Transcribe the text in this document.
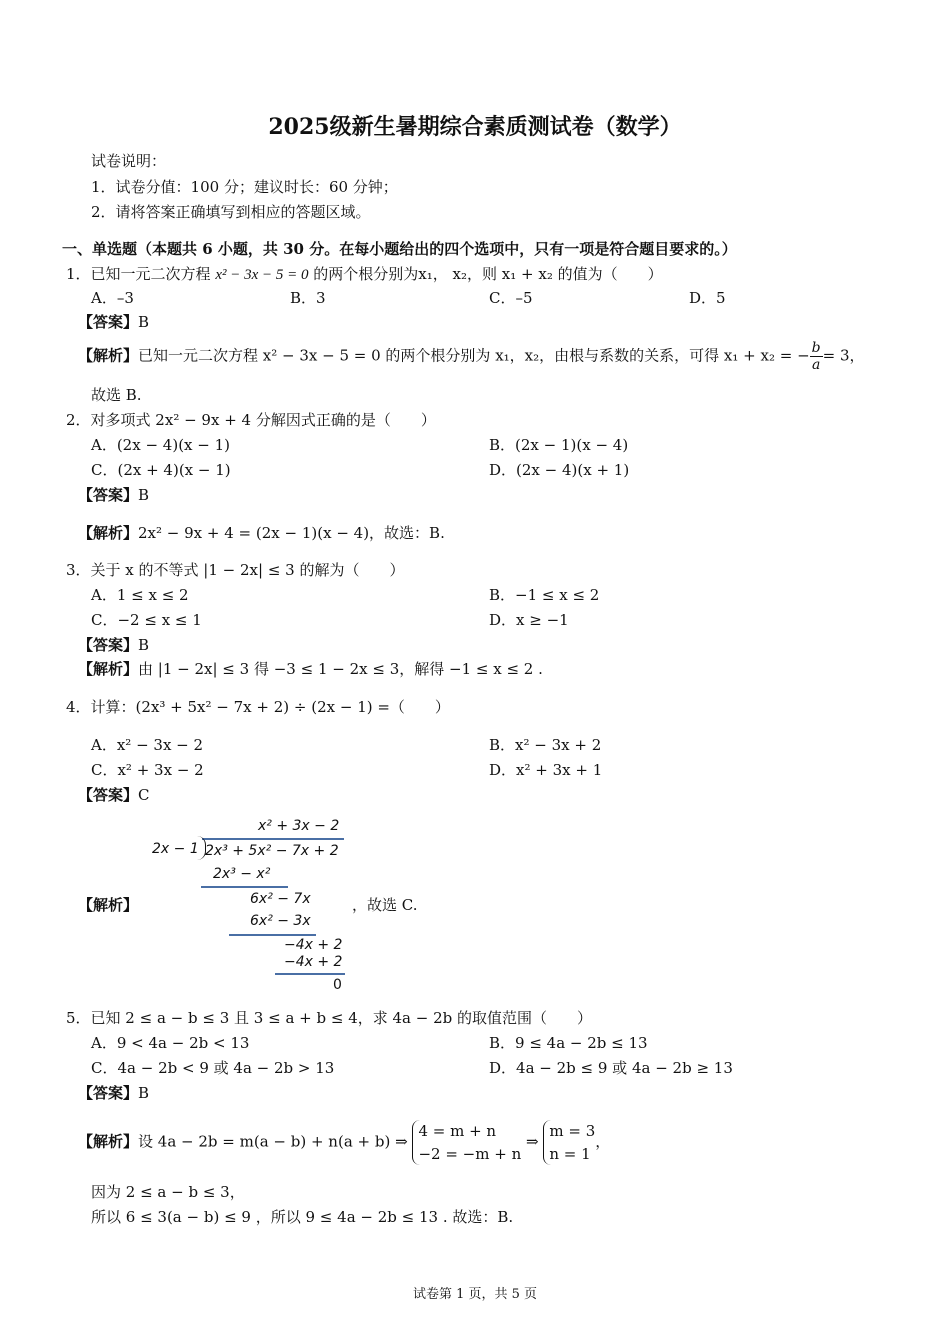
2025级新生暑期综合素质测试卷（数学）
试卷说明：
1．试卷分值：100 分；建议时长：60 分钟；
2．请将答案正确填写到相应的答题区域。
一、单选题（本题共 6 小题，共 30 分。在每小题给出的四个选项中，只有一项是符合题目要求的。）
1．已知一元二次方程 x² − 3x − 5 = 0 的两个根分别为x₁， x₂，则 x₁ + x₂ 的值为（　　）
A．–3	B．3	C．–5	D．5
【答案】B
【解析】已知一元二次方程 x² − 3x − 5 = 0 的两个根分别为 x₁，x₂，由根与系数的关系，可得 x₁ + x₂ = − $\frac{b}{a} = 3$，
故选 B.
2．对多项式 2x² − 9x + 4 分解因式正确的是（　　）
A．(2x − 4)(x − 1)	B．(2x − 1)(x − 4)
C．(2x + 4)(x − 1)	D．(2x − 4)(x + 1)
【答案】B
【解析】2x² − 9x + 4 = (2x − 1)(x − 4)，故选：B.
3．关于 x 的不等式 |1 − 2x| ≤ 3 的解为（　　）
A．1 ≤ x ≤ 2	B．−1 ≤ x ≤ 2
C．−2 ≤ x ≤ 1	D．x ≥ −1
【答案】B
【解析】由 |1 − 2x| ≤ 3 得 −3 ≤ 1 − 2x ≤ 3，解得 −1 ≤ x ≤ 2 .
4．计算：(2x³ + 5x² − 7x + 2) ÷ (2x − 1) =（　　）
A．x² − 3x − 2	B．x² − 3x + 2
C．x² + 3x − 2	D．x² + 3x + 1
【答案】C
【解析】
x² + 3x − 2
2x − 1 2x³ + 5x² − 7x + 2
2x³ − x²
6x² − 7x
6x² − 3x
−4x + 2
−4x + 2
0
，故选 C.
5．已知 2 ≤ a − b ≤ 3 且 3 ≤ a + b ≤ 4，求 4a − 2b 的取值范围（　　）
A．9 < 4a − 2b < 13	B．9 ≤ 4a − 2b ≤ 13
C．4a − 2b < 9 或 4a − 2b > 13	D．4a − 2b ≤ 9 或 4a − 2b ≥ 13
【答案】B
【解析】设 4a − 2b = m(a − b) + n(a + b) ⇒
4 = m + n
−2 = −m + n
⇒
m = 3
n = 1
，
因为 2 ≤ a − b ≤ 3，
所以 6 ≤ 3(a − b) ≤ 9 ，所以 9 ≤ 4a − 2b ≤ 13 . 故选：B.
试卷第 1 页，共 5 页
